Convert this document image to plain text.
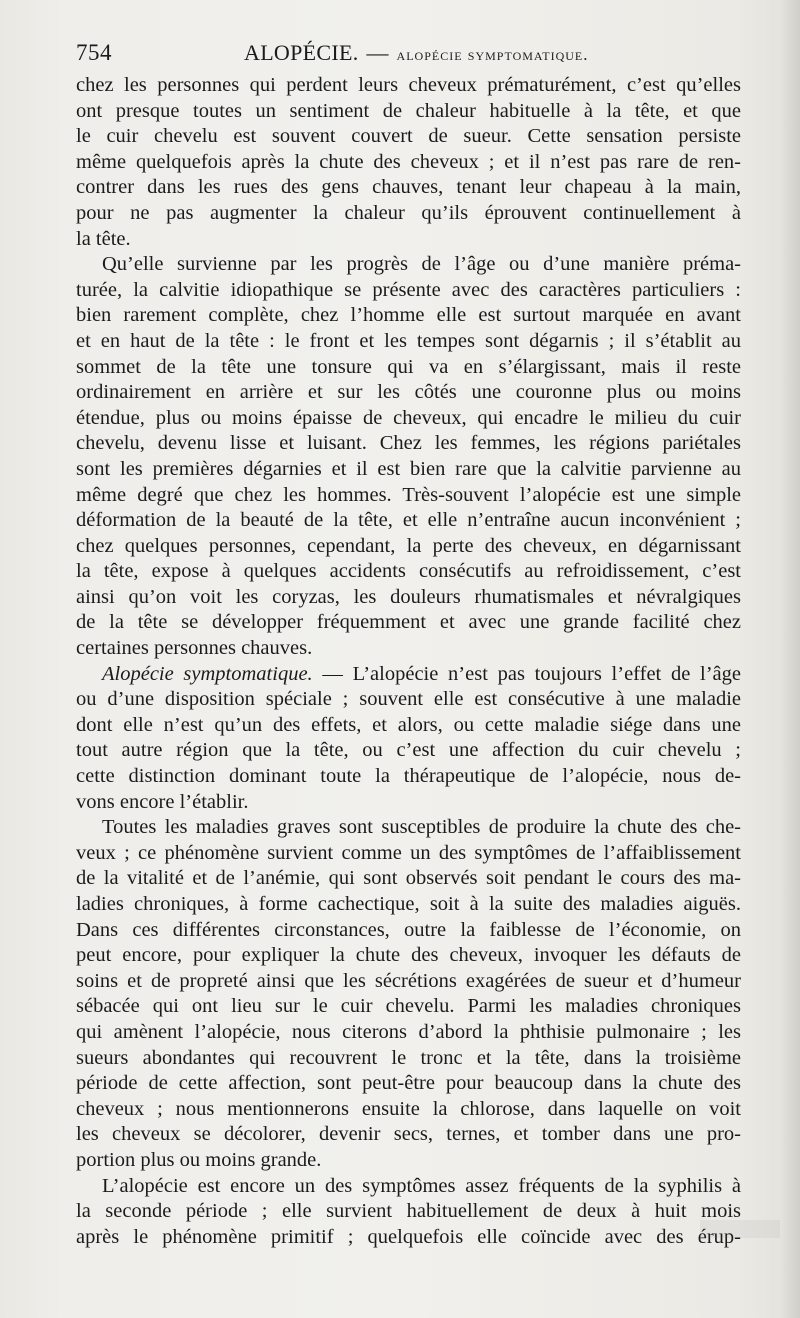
754	ALOPÉCIE. — alopécie symptomatique.

chez les personnes qui perdent leurs cheveux prématurément, c’est qu’elles
ont presque toutes un sentiment de chaleur habituelle à la tête, et que
le cuir chevelu est souvent couvert de sueur. Cette sensation persiste
même quelquefois après la chute des cheveux ; et il n’est pas rare de ren-
contrer dans les rues des gens chauves, tenant leur chapeau à la main,
pour ne pas augmenter la chaleur qu’ils éprouvent continuellement à
la tête.

Qu’elle survienne par les progrès de l’âge ou d’une manière préma-
turée, la calvitie idiopathique se présente avec des caractères particuliers :
bien rarement complète, chez l’homme elle est surtout marquée en avant
et en haut de la tête : le front et les tempes sont dégarnis ; il s’établit au
sommet de la tête une tonsure qui va en s’élargissant, mais il reste
ordinairement en arrière et sur les côtés une couronne plus ou moins
étendue, plus ou moins épaisse de cheveux, qui encadre le milieu du cuir
chevelu, devenu lisse et luisant. Chez les femmes, les régions pariétales
sont les premières dégarnies et il est bien rare que la calvitie parvienne au
même degré que chez les hommes. Très-souvent l’alopécie est une simple
déformation de la beauté de la tête, et elle n’entraîne aucun inconvénient ;
chez quelques personnes, cependant, la perte des cheveux, en dégarnissant
la tête, expose à quelques accidents consécutifs au refroidissement, c’est
ainsi qu’on voit les coryzas, les douleurs rhumatismales et névralgiques
de la tête se développer fréquemment et avec une grande facilité chez
certaines personnes chauves.

Alopécie symptomatique. — L’alopécie n’est pas toujours l’effet de l’âge
ou d’une disposition spéciale ; souvent elle est consécutive à une maladie
dont elle n’est qu’un des effets, et alors, ou cette maladie siége dans une
tout autre région que la tête, ou c’est une affection du cuir chevelu ;
cette distinction dominant toute la thérapeutique de l’alopécie, nous de-
vons encore l’établir.

Toutes les maladies graves sont susceptibles de produire la chute des che-
veux ; ce phénomène survient comme un des symptômes de l’affaiblissement
de la vitalité et de l’anémie, qui sont observés soit pendant le cours des ma-
ladies chroniques, à forme cachectique, soit à la suite des maladies aiguës.
Dans ces différentes circonstances, outre la faiblesse de l’économie, on
peut encore, pour expliquer la chute des cheveux, invoquer les défauts de
soins et de propreté ainsi que les sécrétions exagérées de sueur et d’humeur
sébacée qui ont lieu sur le cuir chevelu. Parmi les maladies chroniques
qui amènent l’alopécie, nous citerons d’abord la phthisie pulmonaire ; les
sueurs abondantes qui recouvrent le tronc et la tête, dans la troisième
période de cette affection, sont peut-être pour beaucoup dans la chute des
cheveux ; nous mentionnerons ensuite la chlorose, dans laquelle on voit
les cheveux se décolorer, devenir secs, ternes, et tomber dans une pro-
portion plus ou moins grande.

L’alopécie est encore un des symptômes assez fréquents de la syphilis à
la seconde période ; elle survient habituellement de deux à huit mois
après le phénomène primitif ; quelquefois elle coïncide avec des érup-
